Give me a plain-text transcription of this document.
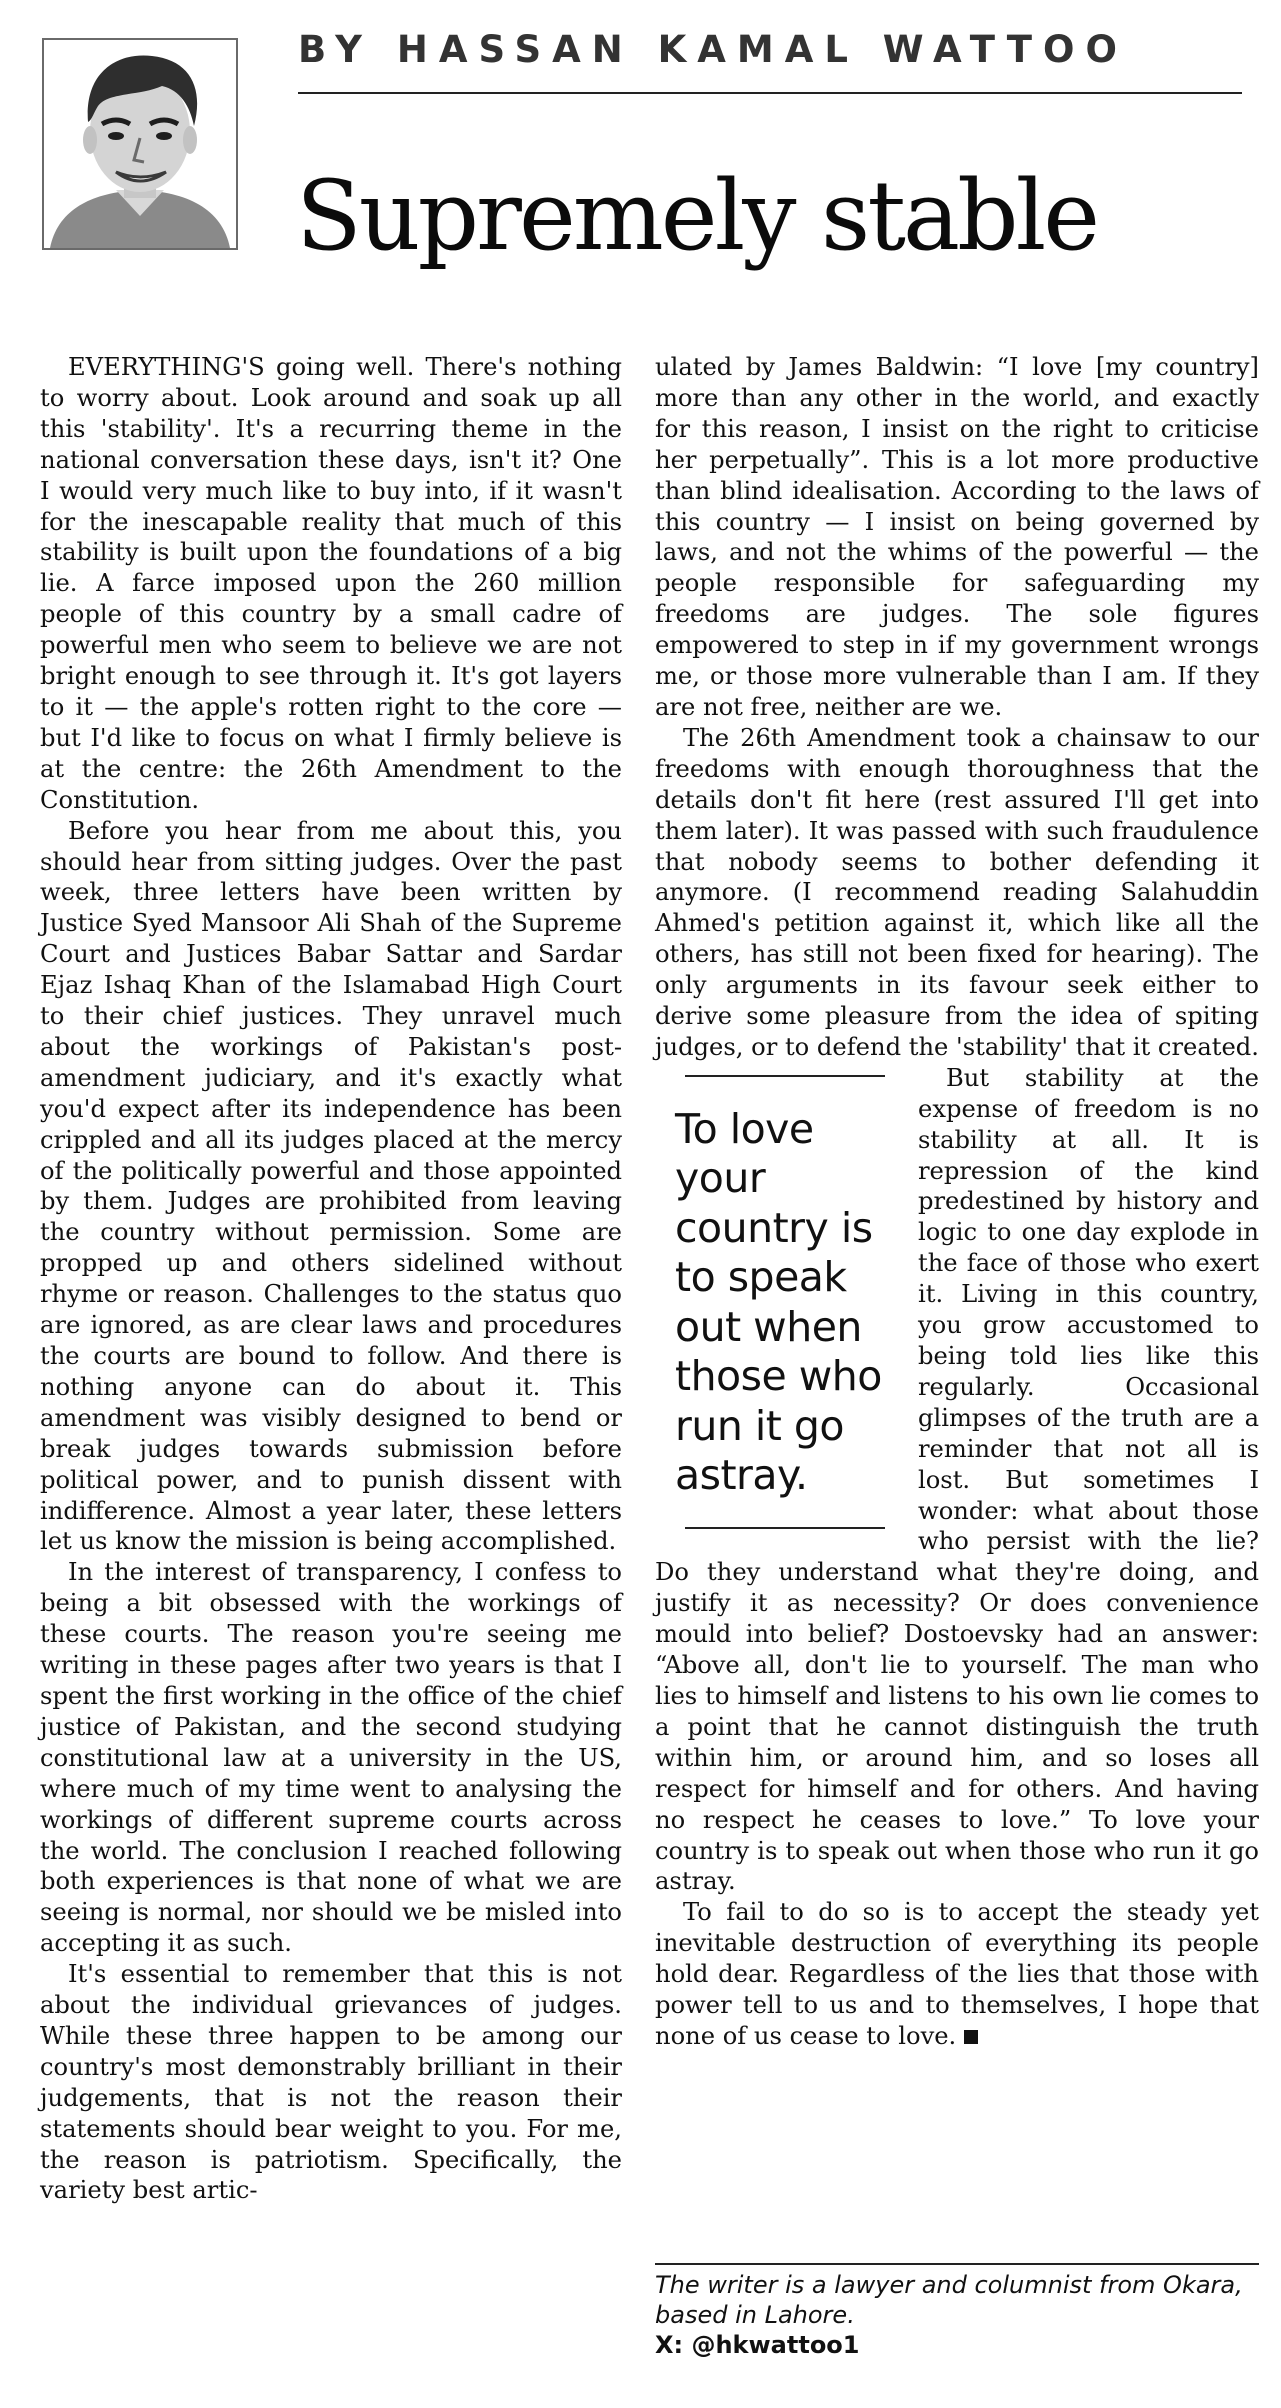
BY HASSAN KAMAL WATTOO
Supremely stable

EVERYTHING'S going well. There's nothing to worry about. Look around and soak up all this 'stability'. It's a recurring theme in the national conversation these days, isn't it? One I would very much like to buy into, if it wasn't for the inescapable reality that much of this stability is built upon the foundations of a big lie. A farce imposed upon the 260 million people of this country by a small cadre of powerful men who seem to believe we are not bright enough to see through it. It's got layers to it — the apple's rotten right to the core — but I'd like to focus on what I firmly believe is at the centre: the 26th Amendment to the Constitution.

Before you hear from me about this, you should hear from sitting judges. Over the past week, three letters have been written by Justice Syed Mansoor Ali Shah of the Supreme Court and Justices Babar Sattar and Sardar Ejaz Ishaq Khan of the Islamabad High Court to their chief justices. They unravel much about the workings of Pakistan's post-amendment judiciary, and it's exactly what you'd expect after its independence has been crippled and all its judges placed at the mercy of the politically powerful and those appointed by them. Judges are prohibited from leaving the country without permission. Some are propped up and others sidelined without rhyme or reason. Challenges to the status quo are ignored, as are clear laws and procedures the courts are bound to follow. And there is nothing anyone can do about it. This amendment was visibly designed to bend or break judges towards submission before political power, and to punish dissent with indifference. Almost a year later, these letters let us know the mission is being accomplished.

In the interest of transparency, I confess to being a bit obsessed with the workings of these courts. The reason you're seeing me writing in these pages after two years is that I spent the first working in the office of the chief justice of Pakistan, and the second studying constitutional law at a university in the US, where much of my time went to analysing the workings of different supreme courts across the world. The conclusion I reached following both experiences is that none of what we are seeing is normal, nor should we be misled into accepting it as such.

It's essential to remember that this is not about the individual grievances of judges. While these three happen to be among our country's most demonstrably brilliant in their judgements, that is not the reason their statements should bear weight to you. For me, the reason is patriotism. Specifically, the variety best artic-

ulated by James Baldwin: “I love [my country] more than any other in the world, and exactly for this reason, I insist on the right to criticise her perpetually”. This is a lot more productive than blind idealisation. According to the laws of this country — I insist on being governed by laws, and not the whims of the powerful — the people responsible for safeguarding my freedoms are judges. The sole figures empowered to step in if my government wrongs me, or those more vulnerable than I am. If they are not free, neither are we.

The 26th Amendment took a chainsaw to our freedoms with enough thoroughness that the details don't fit here (rest assured I'll get into them later). It was passed with such fraudulence that nobody seems to bother defending it anymore. (I recommend reading Salahuddin Ahmed's petition against it, which like all the others, has still not been fixed for hearing). The only arguments in its favour seek either to derive some pleasure from the idea of spiting judges, or to defend the 'stability' that it created.

To love your country is to speak out when those who run it go astray.

But stability at the expense of freedom is no stability at all. It is repression of the kind predestined by history and logic to one day explode in the face of those who exert it. Living in this country, you grow accustomed to being told lies like this regularly. Occasional glimpses of the truth are a reminder that not all is lost. But sometimes I wonder: what about those who persist with the lie? Do they understand what they're doing, and justify it as necessity? Or does convenience mould into belief? Dostoevsky had an answer: “Above all, don't lie to yourself. The man who lies to himself and listens to his own lie comes to a point that he cannot distinguish the truth within him, or around him, and so loses all respect for himself and for others. And having no respect he ceases to love.” To love your country is to speak out when those who run it go astray.

To fail to do so is to accept the steady yet inevitable destruction of everything its people hold dear. Regardless of the lies that those with power tell to us and to themselves, I hope that none of us cease to love.

The writer is a lawyer and columnist from Okara, based in Lahore.
X: @hkwattoo1
